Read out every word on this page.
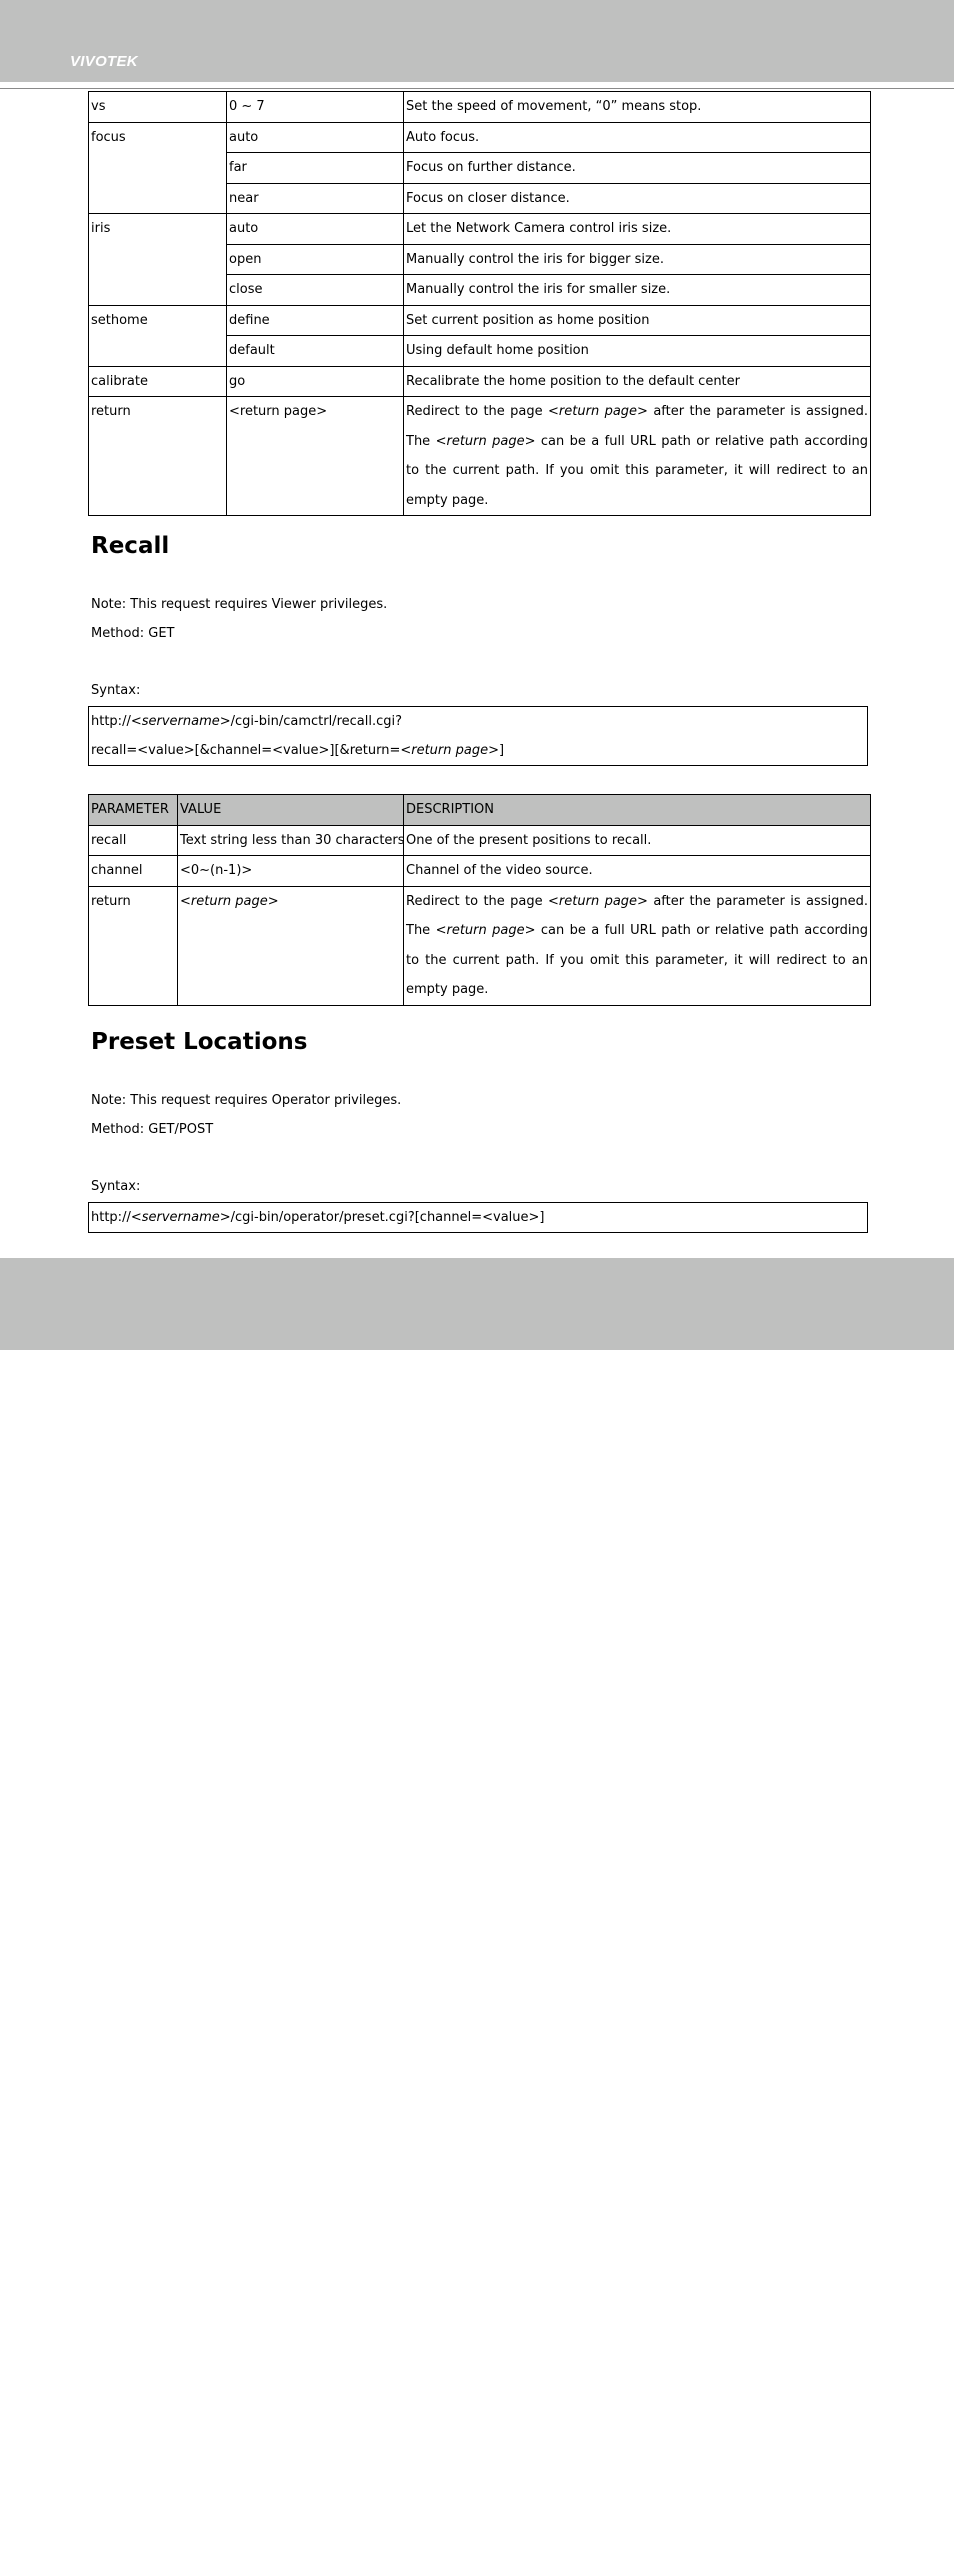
VIVOTEK
vs	0 ~ 7	Set the speed of movement, “0” means stop.
focus	auto	Auto focus.
	far	Focus on further distance.
	near	Focus on closer distance.
iris	auto	Let the Network Camera control iris size.
	open	Manually control the iris for bigger size.
	close	Manually control the iris for smaller size.
sethome	define	Set current position as home position
	default	Using default home position
calibrate	go	Recalibrate the home position to the default center
return	<return page>	Redirect to the page <return page> after the parameter is assigned. The <return page> can be a full URL path or relative path according to the current path. If you omit this parameter, it will redirect to an empty page.
Recall
Note: This request requires Viewer privileges.
Method: GET
Syntax:
http://<servername>/cgi-bin/camctrl/recall.cgi?
recall=<value>[&channel=<value>][&return=<return page>]
PARAMETER	VALUE	DESCRIPTION
recall	Text string less than 30 characters	One of the present positions to recall.
channel	<0~(n-1)>	Channel of the video source.
return	<return page>	Redirect to the page <return page> after the parameter is assigned. The <return page> can be a full URL path or relative path according to the current path. If you omit this parameter, it will redirect to an empty page.
Preset Locations
Note: This request requires Operator privileges.
Method: GET/POST
Syntax:
http://<servername>/cgi-bin/operator/preset.cgi?[channel=<value>]
120 - User's Manual
